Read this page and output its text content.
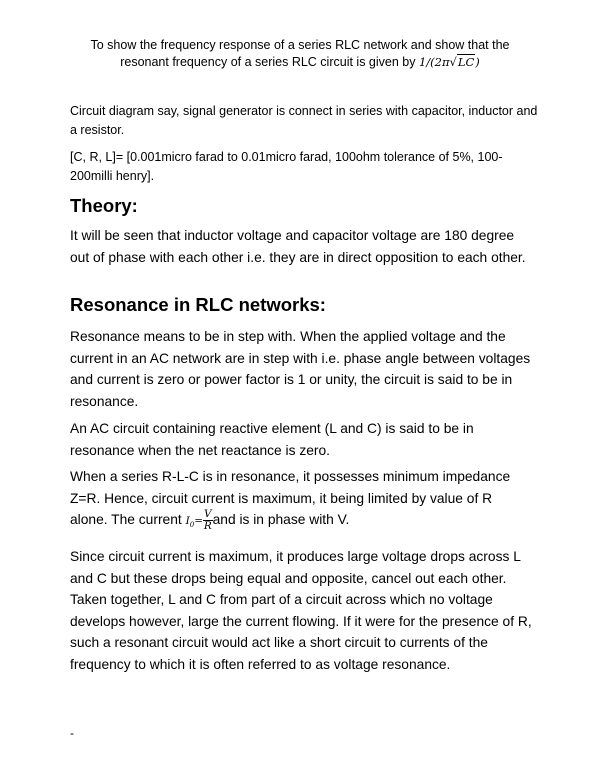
To show the frequency response of a series RLC network and show that the
resonant frequency of a series RLC circuit is given by 1/(2π√LC)

Circuit diagram say, signal generator is connect in series with capacitor, inductor and a resistor.

[C, R, L]= [0.001micro farad to 0.01micro farad, 100ohm tolerance of 5%, 100-200milli henry].

Theory:

It will be seen that inductor voltage and capacitor voltage are 180 degree out of phase with each other i.e. they are in direct opposition to each other.

Resonance in RLC networks:

Resonance means to be in step with. When the applied voltage and the current in an AC network are in step with i.e. phase angle between voltages and current is zero or power factor is 1 or unity, the circuit is said to be in resonance.

An AC circuit containing reactive element (L and C) is said to be in resonance when the net reactance is zero.

When a series R-L-C is in resonance, it possesses minimum impedance Z=R. Hence, circuit current is maximum, it being limited by value of R alone. The current $I_0= \frac{V}{R}$ and is in phase with V.

Since circuit current is maximum, it produces large voltage drops across L and C but these drops being equal and opposite, cancel out each other. Taken together, L and C from part of a circuit across which no voltage develops however, large the current flowing. If it were for the presence of R, such a resonant circuit would act like a short circuit to currents of the frequency to which it is often referred to as voltage resonance.

-
